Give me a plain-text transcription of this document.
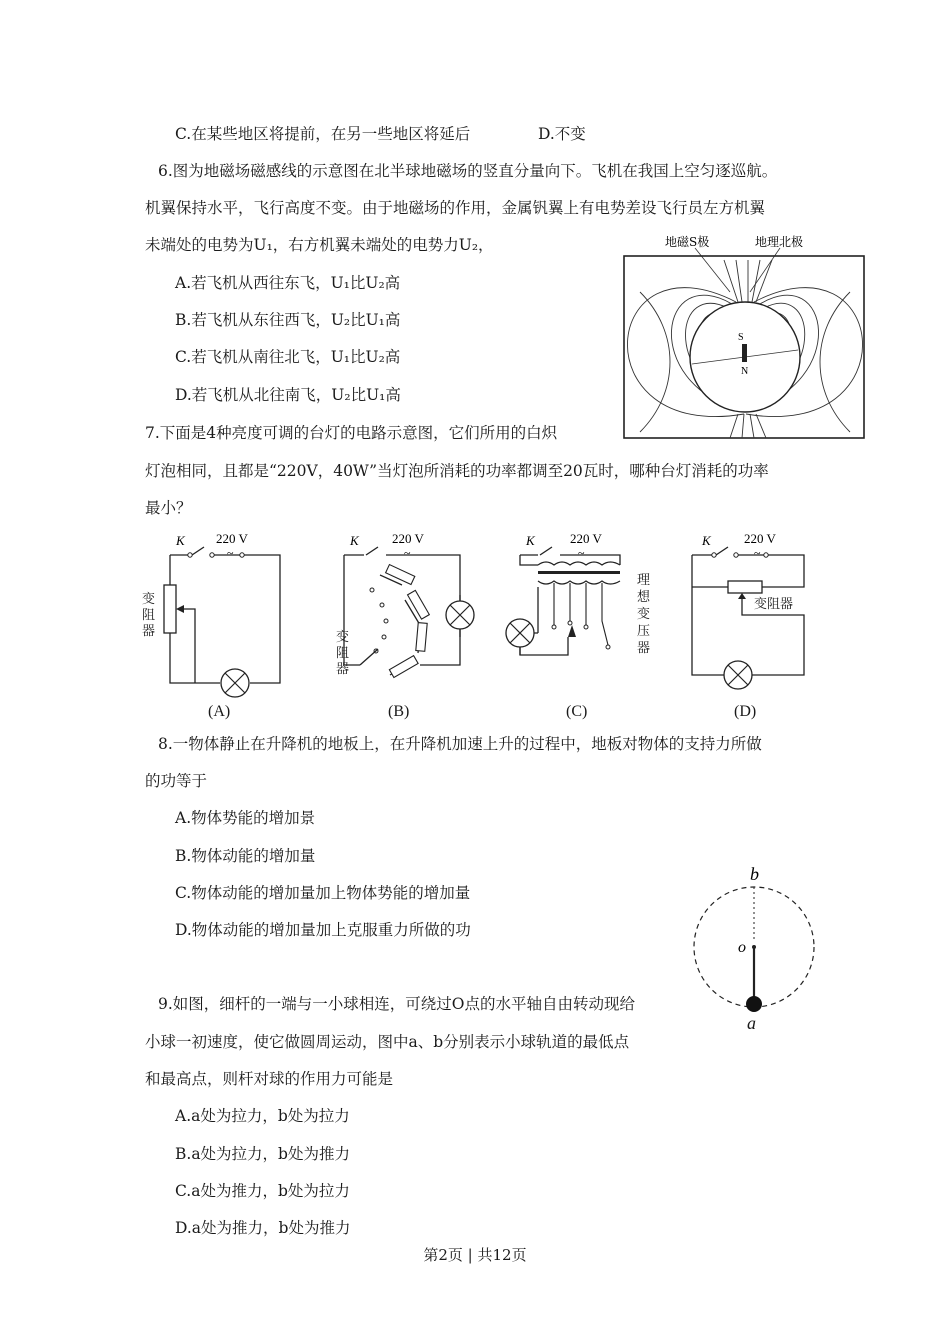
C.在某些地区将提前，在另一些地区将延后	D.不变
6.图为地磁场磁感线的示意图在北半球地磁场的竖直分量向下。飞机在我国上空匀逐巡航。
机翼保持水平，飞行高度不变。由于地磁场的作用，金属钒翼上有电势差设飞行员左方机翼
未端处的电势为U₁，右方机翼未端处的电势力U₂，
A.若飞机从西往东飞，U₁比U₂高
B.若飞机从东往西飞，U₂比U₁高
C.若飞机从南往北飞，U₁比U₂高
D.若飞机从北往南飞，U₂比U₁高
地磁S极	地理北极
S
N
7.下面是4种亮度可调的台灯的电路示意图，它们所用的白炽
灯泡相同，且都是“220V，40W”当灯泡所消耗的功率都调至20瓦时，哪种台灯消耗的功率
最小？
K 220 V
~
变阻器
(A)
K	220 V
~
变阻器
(B)
K	220 V
~
理想变压器
(C)
K	220 V
~
变阻器
(D)
8.一物体静止在升降机的地板上，在升降机加速上升的过程中，地板对物体的支持力所做
的功等于
A.物体势能的增加景
B.物体动能的增加量
C.物体动能的增加量加上物体势能的增加量
D.物体动能的增加量加上克服重力所做的功
b
o
a
9.如图，细杆的一端与一小球相连，可绕过O点的水平轴自由转动现给
小球一初速度，使它做圆周运动，图中a、b分别表示小球轨道的最低点
和最高点，则杆对球的作用力可能是
A.a处为拉力，b处为拉力
B.a处为拉力，b处为推力
C.a处为推力，b处为拉力
D.a处为推力，b处为推力
第2页 | 共12页
